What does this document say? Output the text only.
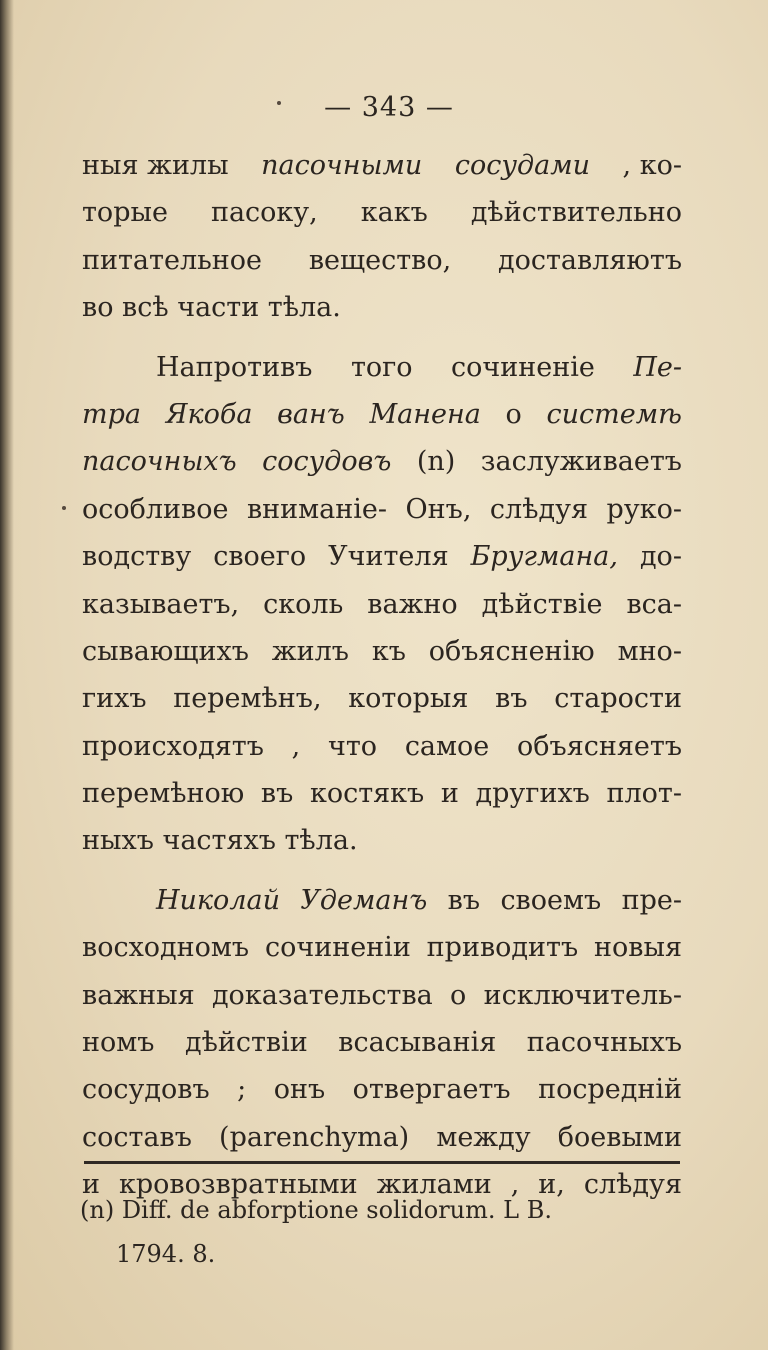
— 343 —
ныя жилы пасочными сосудами , ко-
торые пасоку, какъ дѣйствительно
питательное вещество, доставляютъ
во всѣ части тѣла.
Напротивъ того сочиненіе Пе-
тра Якоба ванъ Манена о системѣ
пасочныхъ сосудовъ (n) заслуживаетъ
особливое вниманіе- Онъ, слѣдуя руко-
водству своего Учителя Бругмана, до-
казываетъ, сколь важно дѣйствіе вса-
сывающихъ жилъ къ объясненію мно-
гихъ перемѣнъ, которыя въ старости
происходятъ , что самое объясняетъ
перемѣною въ костякъ и другихъ плот-
ныхъ частяхъ тѣла.
Николай Удеманъ въ своемъ пре-
восходномъ сочиненіи приводитъ новыя
важныя доказательства о исключитель-
номъ дѣйствіи всасыванія пасочныхъ
сосудовъ ; онъ отвергаетъ посредній
составъ (parenchyma) между боевыми
и кровозвратными жилами , и, слѣдуя
(n) Diff. de abforptione solidorum. L B.
1794. 8.
